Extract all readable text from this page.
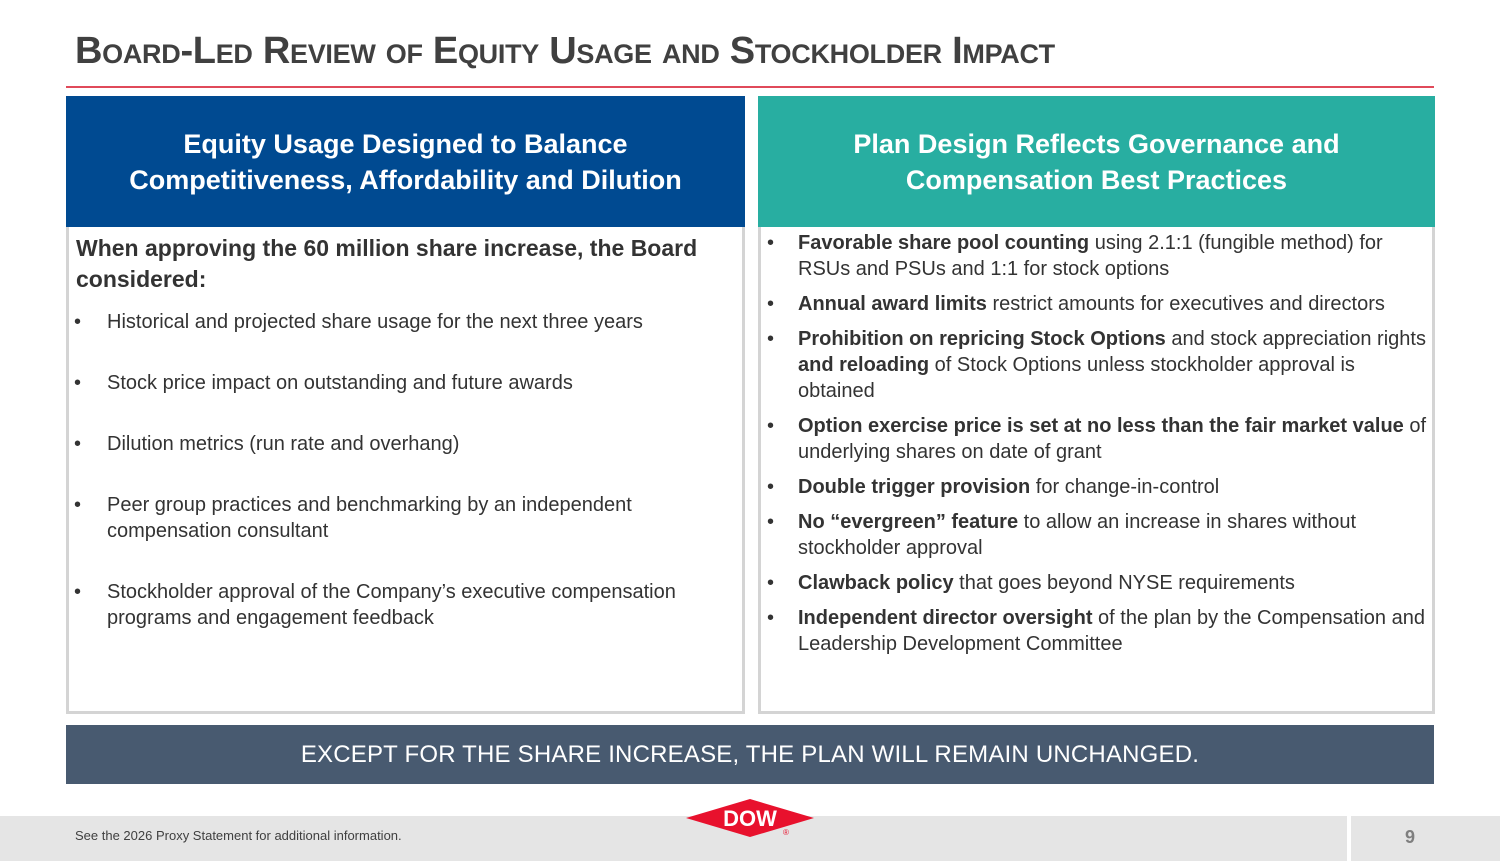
Board-Led Review of Equity Usage and Stockholder Impact
Equity Usage Designed to Balance
Competitiveness, Affordability and Dilution
When approving the 60 million share increase, the Board considered:
• Historical and projected share usage for the next three years
• Stock price impact on outstanding and future awards
• Dilution metrics (run rate and overhang)
• Peer group practices and benchmarking by an independent compensation consultant
• Stockholder approval of the Company’s executive compensation programs and engagement feedback
Plan Design Reflects Governance and
Compensation Best Practices
• Favorable share pool counting using 2.1:1 (fungible method) for RSUs and PSUs and 1:1 for stock options
• Annual award limits restrict amounts for executives and directors
• Prohibition on repricing Stock Options and stock appreciation rights and reloading of Stock Options unless stockholder approval is obtained
• Option exercise price is set at no less than the fair market value of underlying shares on date of grant
• Double trigger provision for change-in-control
• No “evergreen” feature to allow an increase in shares without stockholder approval
• Clawback policy that goes beyond NYSE requirements
• Independent director oversight of the plan by the Compensation and Leadership Development Committee
EXCEPT FOR THE SHARE INCREASE, THE PLAN WILL REMAIN UNCHANGED.
See the 2026 Proxy Statement for additional information.	9
DOW
®
